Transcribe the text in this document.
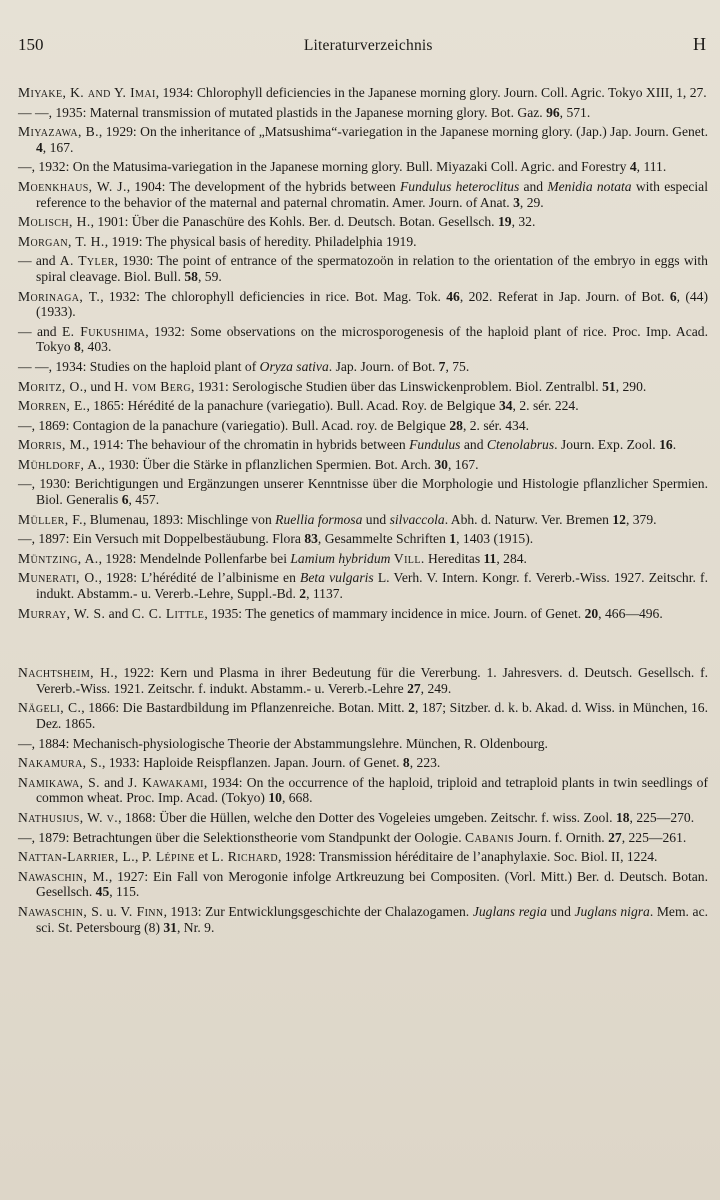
150	Literaturverzeichnis	H
Miyake, K. and Y. Imai, 1934: Chlorophyll deficiencies in the Japanese morning glory. Journ. Coll. Agric. Tokyo XIII, 1, 27.
— —, 1935: Maternal transmission of mutated plastids in the Japanese morning glory. Bot. Gaz. 96, 571.
Miyazawa, B., 1929: On the inheritance of „Matsushima“-variegation in the Japanese morning glory. (Jap.) Jap. Journ. Genet. 4, 167.
—, 1932: On the Matusima-variegation in the Japanese morning glory. Bull. Miyazaki Coll. Agric. and Forestry 4, 111.
Moenkhaus, W. J., 1904: The development of the hybrids between Fundulus heteroclitus and Menidia notata with especial reference to the behavior of the maternal and paternal chromatin. Amer. Journ. of Anat. 3, 29.
Molisch, H., 1901: Über die Panaschüre des Kohls. Ber. d. Deutsch. Botan. Gesellsch. 19, 32.
Morgan, T. H., 1919: The physical basis of heredity. Philadelphia 1919.
— and A. Tyler, 1930: The point of entrance of the spermatozoön in relation to the orientation of the embryo in eggs with spiral cleavage. Biol. Bull. 58, 59.
Morinaga, T., 1932: The chlorophyll deficiencies in rice. Bot. Mag. Tok. 46, 202. Referat in Jap. Journ. of Bot. 6, (44) (1933).
— and E. Fukushima, 1932: Some observations on the microsporogenesis of the haploid plant of rice. Proc. Imp. Acad. Tokyo 8, 403.
— —, 1934: Studies on the haploid plant of Oryza sativa. Jap. Journ. of Bot. 7, 75.
Moritz, O., und H. vom Berg, 1931: Serologische Studien über das Linswickenproblem. Biol. Zentralbl. 51, 290.
Morren, E., 1865: Hérédité de la panachure (variegatio). Bull. Acad. Roy. de Belgique 34, 2. sér. 224.
—, 1869: Contagion de la panachure (variegatio). Bull. Acad. roy. de Belgique 28, 2. sér. 434.
Morris, M., 1914: The behaviour of the chromatin in hybrids between Fundulus and Ctenolabrus. Journ. Exp. Zool. 16.
Mühldorf, A., 1930: Über die Stärke in pflanzlichen Spermien. Bot. Arch. 30, 167.
—, 1930: Berichtigungen und Ergänzungen unserer Kenntnisse über die Morphologie und Histologie pflanzlicher Spermien. Biol. Generalis 6, 457.
Müller, F., Blumenau, 1893: Mischlinge von Ruellia formosa und silvaccola. Abh. d. Naturw. Ver. Bremen 12, 379.
—, 1897: Ein Versuch mit Doppelbestäubung. Flora 83, Gesammelte Schriften 1, 1403 (1915).
Müntzing, A., 1928: Mendelnde Pollenfarbe bei Lamium hybridum Vill. Hereditas 11, 284.
Munerati, O., 1928: L’hérédité de l’albinisme en Beta vulgaris L. Verh. V. Intern. Kongr. f. Vererb.-Wiss. 1927. Zeitschr. f. indukt. Abstamm.- u. Vererb.-Lehre, Suppl.-Bd. 2, 1137.
Murray, W. S. and C. C. Little, 1935: The genetics of mammary incidence in mice. Journ. of Genet. 20, 466—496.
Nachtsheim, H., 1922: Kern und Plasma in ihrer Bedeutung für die Vererbung. 1. Jahresvers. d. Deutsch. Gesellsch. f. Vererb.-Wiss. 1921. Zeitschr. f. indukt. Abstamm.- u. Vererb.-Lehre 27, 249.
Nägeli, C., 1866: Die Bastardbildung im Pflanzenreiche. Botan. Mitt. 2, 187; Sitzber. d. k. b. Akad. d. Wiss. in München, 16. Dez. 1865.
—, 1884: Mechanisch-physiologische Theorie der Abstammungslehre. München, R. Oldenbourg.
Nakamura, S., 1933: Haploide Reispflanzen. Japan. Journ. of Genet. 8, 223.
Namikawa, S. and J. Kawakami, 1934: On the occurrence of the haploid, triploid and tetraploid plants in twin seedlings of common wheat. Proc. Imp. Acad. (Tokyo) 10, 668.
Nathusius, W. v., 1868: Über die Hüllen, welche den Dotter des Vogeleies umgeben. Zeitschr. f. wiss. Zool. 18, 225—270.
—, 1879: Betrachtungen über die Selektionstheorie vom Standpunkt der Oologie. Cabanis Journ. f. Ornith. 27, 225—261.
Nattan-Larrier, L., P. Lépine et L. Richard, 1928: Transmission héréditaire de l’anaphylaxie. Soc. Biol. II, 1224.
Nawaschin, M., 1927: Ein Fall von Merogonie infolge Artkreuzung bei Compositen. (Vorl. Mitt.) Ber. d. Deutsch. Botan. Gesellsch. 45, 115.
Nawaschin, S. u. V. Finn, 1913: Zur Entwicklungsgeschichte der Chalazogamen. Juglans regia und Juglans nigra. Mem. ac. sci. St. Petersbourg (8) 31, Nr. 9.
